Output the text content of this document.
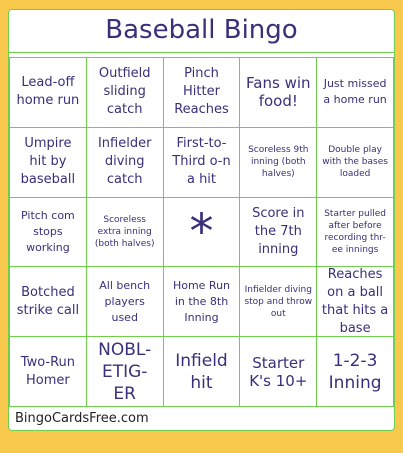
Baseball Bingo
Lead-off home run
Outfield sliding catch
Pinch Hitter Reaches
Fans win food!
Just missed a home run
Umpire hit by baseball
Infielder diving catch
First-to-Third o-n a hit
Scoreless 9th inning (both halves)
Double play with the bases loaded
Pitch com stops working
Scoreless extra inning (both halves) *	Score in the 7th inning
Starter pulled after before recording thr-ee innings
Botched strike call
All bench players used
Home Run in the 8th Inning
Infielder diving stop and throw out
Reaches on a ball that hits a base
Two-Run Homer
NOBL-ETIG-ER
Infield hit
Starter K's 10+
1-2-3 Inning
BingoCardsFree.com
